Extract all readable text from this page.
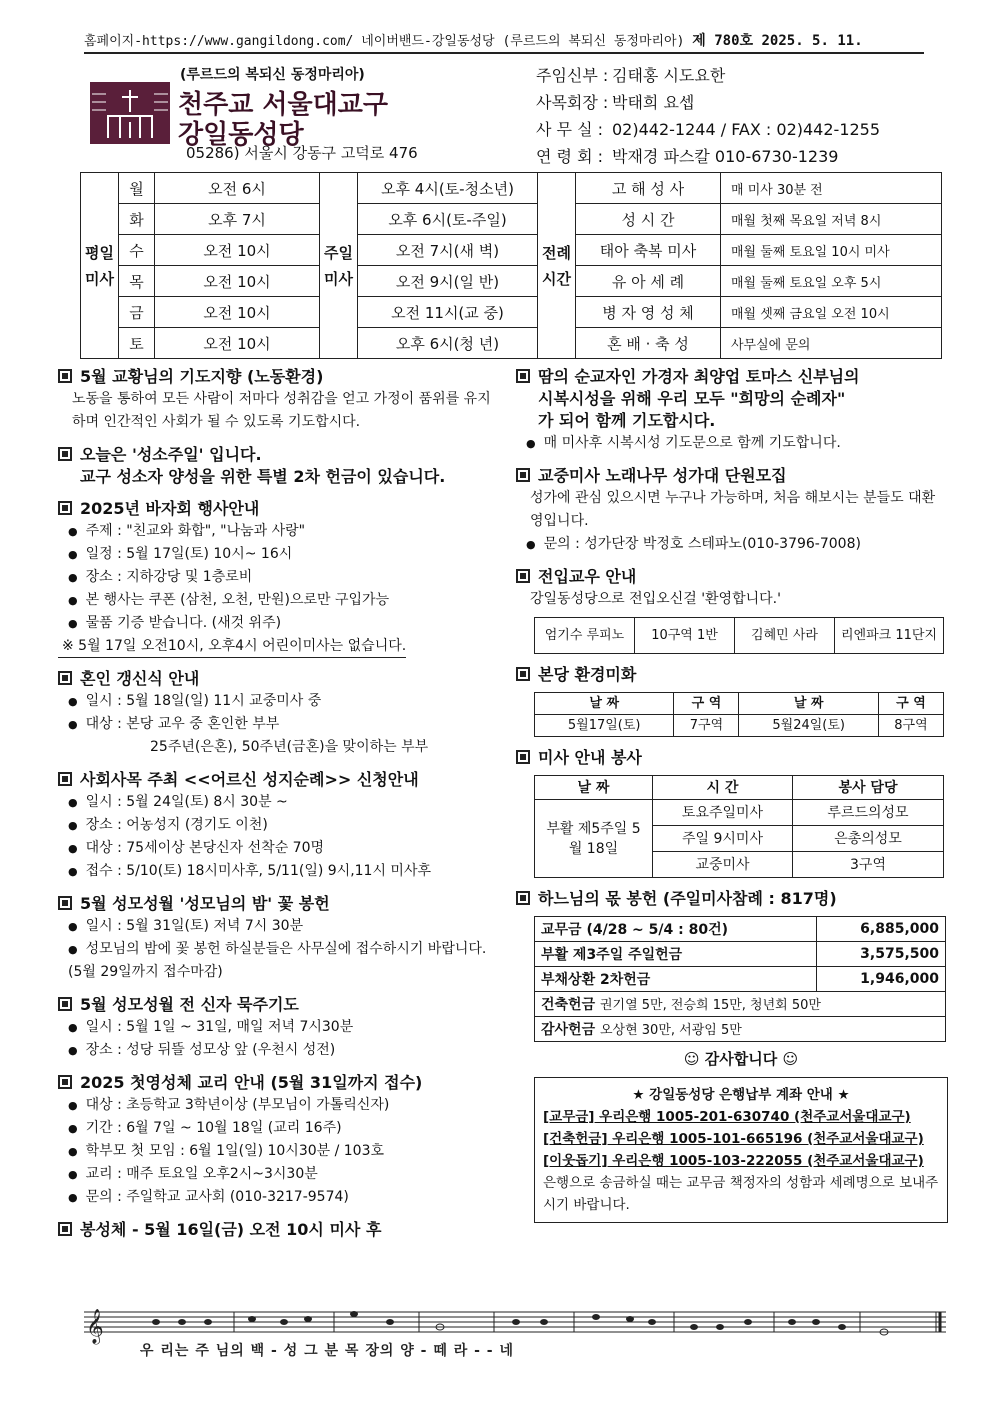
홈페이지-https://www.gangildong.com/ 네이버밴드-강일동성당 (루르드의 복되신 동정마리아) 제 780호 2025. 5. 11.
(루르드의 복되신 동정마리아)
천주교 서울대교구
강일동성당
05286) 서울시 강동구 고덕로 476
주임신부 : 김태홍 시도요한
사목회장 : 박태희 요셉
사 무 실 : 02)442-1244 / FAX : 02)442-1255
연 령 회 : 박재경 파스칼 010-6730-1239
평일미사	월	오전 6시	주일미사	오후 4시(토-청소년)	전례시간	고 해 성 사	매 미사 30분 전
	화	오후 7시		오후 6시(토-주일)		성 시 간	매월 첫째 목요일 저녁 8시
	수	오전 10시		오전 7시(새 벽)		태아 축복 미사	매월 둘째 토요일 10시 미사
	목	오전 10시		오전 9시(일 반)		유 아 세 례	매월 둘째 토요일 오후 5시
	금	오전 10시		오전 11시(교 중)		병 자 영 성 체	매월 셋째 금요일 오전 10시
	토	오전 10시		오후 6시(청 년)		혼 배 · 축 성	사무실에 문의
5월 교황님의 기도지향 (노동환경)
노동을 통하여 모든 사람이 저마다 성취감을 얻고 가정이 품위를 유지하며 인간적인 사회가 될 수 있도록 기도합시다.
오늘은 '성소주일' 입니다.
교구 성소자 양성을 위한 특별 2차 헌금이 있습니다.
2025년 바자회 행사안내
● 주제 : "친교와 화합", "나눔과 사랑"
● 일정 : 5월 17일(토) 10시~ 16시
● 장소 : 지하강당 및 1층로비
● 본 행사는 쿠폰 (삼천, 오천, 만원)으로만 구입가능
● 물품 기증 받습니다. (새것 위주)
※ 5월 17일 오전10시, 오후4시 어린이미사는 없습니다.
혼인 갱신식 안내
● 일시 : 5월 18일(일) 11시 교중미사 중
● 대상 : 본당 교우 중 혼인한 부부
25주년(은혼), 50주년(금혼)을 맞이하는 부부
사회사목 주최 <<어르신 성지순례>> 신청안내
● 일시 : 5월 24일(토) 8시 30분 ~
● 장소 : 어농성지 (경기도 이천)
● 대상 : 75세이상 본당신자 선착순 70명
● 접수 : 5/10(토) 18시미사후, 5/11(일) 9시,11시 미사후
5월 성모성월 '성모님의 밤' 꽃 봉헌
● 일시 : 5월 31일(토) 저녁 7시 30분
● 성모님의 밤에 꽃 봉헌 하실분들은 사무실에 접수하시기 바랍니다. (5월 29일까지 접수마감)
5월 성모성월 전 신자 묵주기도
● 일시 : 5월 1일 ~ 31일, 매일 저녁 7시30분
● 장소 : 성당 뒤뜰 성모상 앞 (우천시 성전)
2025 첫영성체 교리 안내 (5월 31일까지 접수)
● 대상 : 초등학교 3학년이상 (부모님이 가톨릭신자)
● 기간 : 6월 7일 ~ 10월 18일 (교리 16주)
● 학부모 첫 모임 : 6월 1일(일) 10시30분 / 103호
● 교리 : 매주 토요일 오후2시~3시30분
● 문의 : 주일학교 교사회 (010-3217-9574)
봉성체 - 5월 16일(금) 오전 10시 미사 후
땀의 순교자인 가경자 최양업 토마스 신부님의
시복시성을 위해 우리 모두 "희망의 순례자"
가 되어 함께 기도합시다.
● 매 미사후 시복시성 기도문으로 함께 기도합니다.
교중미사 노래나무 성가대 단원모집
성가에 관심 있으시면 누구나 가능하며, 처음 해보시는 분들도 대환영입니다.
● 문의 : 성가단장 박정호 스테파노(010-3796-7008)
전입교우 안내
강일동성당으로 전입오신걸 '환영합니다.'
엄기수 루피노	10구역 1반	김혜민 사라	리엔파크 11단지
본당 환경미화
날 짜	구 역	날 짜	구 역
5월17일(토)	7구역	5월24일(토)	8구역
미사 안내 봉사
날 짜	시 간	봉사 담당
부활 제5주일 5월 18일	토요주일미사	루르드의성모
	주일 9시미사	은총의성모
	교중미사	3구역
하느님의 몫 봉헌 (주일미사참례 : 817명)
교무금 (4/28 ~ 5/4 : 80건)	6,885,000
부활 제3주일 주일헌금	3,575,500
부채상환 2차헌금	1,946,000
건축헌금 권기열 5만, 전승희 15만, 청년회 50만	
감사헌금 오상현 30만, 서광임 5만	
☺ 감사합니다 ☺
★ 강일동성당 은행납부 계좌 안내 ★
[교무금] 우리은행 1005-201-630740 (천주교서울대교구)
[건축헌금] 우리은행 1005-101-665196 (천주교서울대교구)
[이웃돕기] 우리은행 1005-103-222055 (천주교서울대교구)
은행으로 송금하실 때는 교무금 책정자의 성함과 세례명으로 보내주시기 바랍니다.
𝄞
우 리는 주 님의 백 - 성 그 분 목 장의 양 - 떼 라 - - 네
